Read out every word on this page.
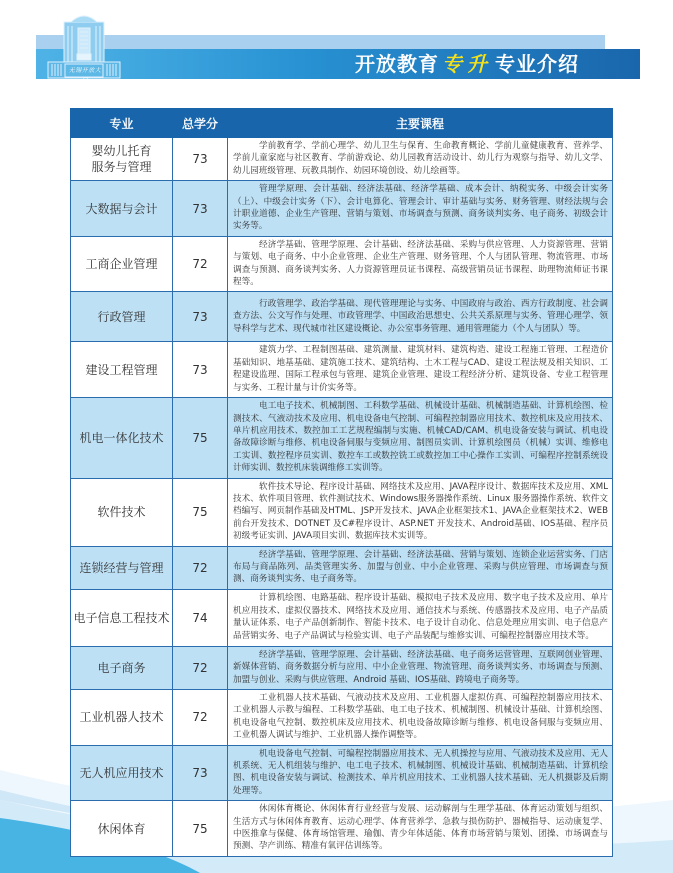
无锡开放大学
开放教育 专升 专业介绍
专业	总学分	主要课程
婴幼儿托育
服务与管理	73	学前教育学、学前心理学、幼儿卫生与保育、生命教育概论、学前儿童健康教育、营养学、学前儿童家庭与社区教育、学前游戏论、幼儿园教育活动设计、幼儿行为观察与指导、幼儿文学、幼儿园班级管理、玩教具制作、幼园环境创设、幼儿绘画等。
大数据与会计	73	管理学原理、会计基础、经济法基础、经济学基础、成本会计、纳税实务、中级会计实务（上）、中级会计实务（下）、会计电算化、管理会计、审计基础与实务、财务管理、财经法规与会计职业道德、企业生产管理、营销与策划、市场调查与预测、商务谈判实务、电子商务、初级会计实务等。
工商企业管理	72	经济学基础、管理学原理、会计基础、经济法基础、采购与供应管理、人力资源管理、营销与策划、电子商务、中小企业管理、企业生产管理、财务管理、个人与团队管理、物流管理、市场调查与预测、商务谈判实务、人力资源管理员证书课程、高级营销员证书课程、助理物流师证书课程等。
行政管理	73	行政管理学、政治学基础、现代管理理论与实务、中国政府与政治、西方行政制度、社会调查方法、公文写作与处理、市政管理学、中国政治思想史、公共关系原理与实务、管理心理学、领导科学与艺术、现代城市社区建设概论、办公室事务管理、通用管理能力（个人与团队）等。
建设工程管理	73	建筑力学、工程制图基础、建筑测量、建筑材料、建筑构造、建设工程施工管理、工程造价基础知识、地基基础、建筑施工技术、建筑结构、土木工程与CAD、建设工程法规及相关知识、工程建设监理、国际工程承包与管理、建筑企业管理、建设工程经济分析、建筑设备、专业工程管理与实务、工程计量与计价实务等。
机电一体化技术	75	电工电子技术、机械制图、工科数学基础、机械设计基础、机械制造基础、计算机绘图、检测技术、气液动技术及应用、机电设备电气控制、可编程控制器应用技术、数控机床及应用技术、单片机应用技术、数控加工工艺规程编制与实施、机械CAD/CAM、机电设备安装与调试、机电设备故障诊断与维修、机电设备伺服与变频应用、制图员实训、计算机绘图员（机械）实训、维修电工实训、数控程序员实训、数控车工或数控铣工或数控加工中心操作工实训、可编程序控制系统设计师实训、数控机床装调维修工实训等。
软件技术	75	软件技术导论、程序设计基础、网络技术及应用、JAVA程序设计、数据库技术及应用、XML 技术、软件项目管理、软件测试技术、Windows服务器操作系统、Linux 服务器操作系统、软件文档编写、网页制作基础及HTML、JSP开发技术、JAVA企业框架技术1、JAVA企业框架技术2、WEB前台开发技术、DOTNET 及C#程序设计、ASP.NET 开发技术、Android基础、IOS基础、程序员初级考证实训、JAVA项目实训、数据库技术实训等。
连锁经营与管理	72	经济学基础、管理学原理、会计基础、经济法基础、营销与策划、连锁企业运营实务、门店布局与商品陈列、品类管理实务、加盟与创业、中小企业管理、采购与供应管理、市场调查与预测、商务谈判实务、电子商务等。
电子信息工程技术	74	计算机绘图、电路基础、程序设计基础、模拟电子技术及应用、数字电子技术及应用、单片机应用技术、虚拟仪器技术、网络技术及应用、通信技术与系统、传感器技术及应用、电子产品质量认证体系、电子产品创新制作、智能卡技术、电子设计自动化、信息处理应用实训、电子信息产品营销实务、电子产品调试与检验实训、电子产品装配与维修实训、可编程控制器应用技术等。
电子商务	72	经济学基础、管理学原理、会计基础、经济法基础、电子商务运营管理、互联网创业管理、新媒体营销、商务数据分析与应用、中小企业管理、物流管理、商务谈判实务、市场调查与预测、加盟与创业、采购与供应管理、Android 基础、IOS基础、跨境电子商务等。
工业机器人技术	72	工业机器人技术基础、气液动技术及应用、工业机器人虚拟仿真、可编程控制器应用技术、工业机器人示教与编程、工科数学基础、电工电子技术、机械制图、机械设计基础、计算机绘图、机电设备电气控制、数控机床及应用技术、机电设备故障诊断与维修、机电设备伺服与变频应用、工业机器人调试与维护、工业机器人操作调整等。
无人机应用技术	73	机电设备电气控制、可编程控制器应用技术、无人机操控与应用、气液动技术及应用、无人机系统、无人机组装与维护、电工电子技术、机械制图、机械设计基础、机械制造基础、计算机绘图、机电设备安装与调试、检测技术、单片机应用技术、工业机器人技术基础、无人机摄影及后期处理等。
休闲体育	75	休闲体育概论、休闲体育行业经营与发展、运动解剖与生理学基础、体育运动策划与组织、生活方式与休闲体育教育、运动心理学、体育营养学、急救与损伤防护、器械指导、运动康复学、中医推拿与保健、体育场馆管理、瑜伽、青少年体适能、体育市场营销与策划、团操、市场调查与预测、孕产训练、精准有氧评估训练等。
